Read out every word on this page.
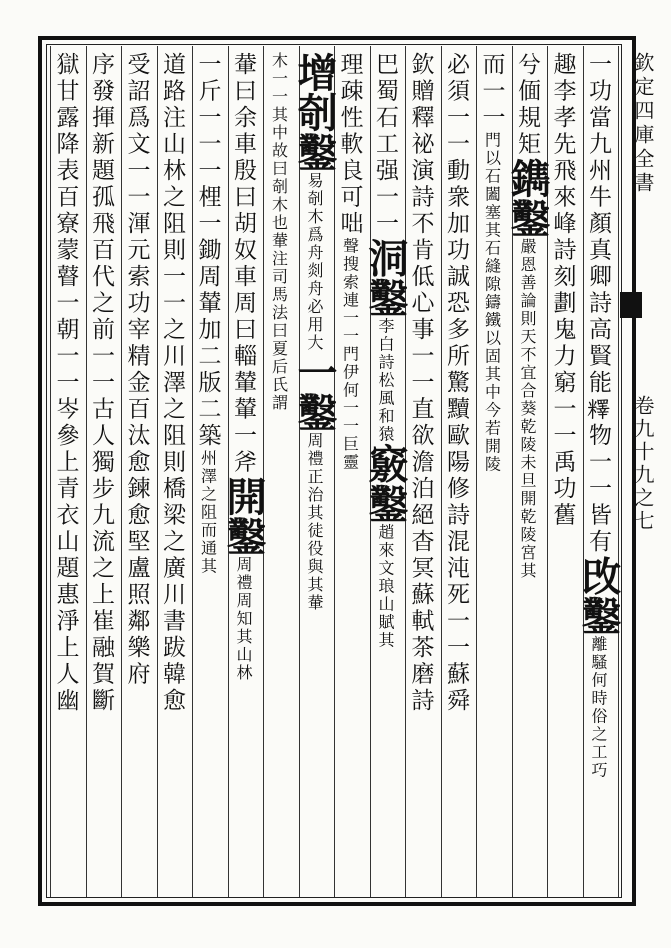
欽定四庫全書
卷九十九之七
一功當九州牛顏真卿詩高賢能𥼶物一一皆有攺鑿離騷何時俗之工巧
趣李孝先飛來峰詩刻劃鬼力窮一一禹功舊
兮偭規矩鐫鑿嚴恩善論則天不宜合葵乾陵未旦開乾陵宮其
而一一門以石闔塞其石縫隙鑄鐵以固其中今若開陵
必須一一動衆加功誠恐多所驚黷歐陽修詩混沌死一一蘇舜
欽贈釋祕演詩不肯低心事一一直欲澹泊絕杳冥蘇軾茶磨詩
巴蜀石工强一一洞鑿李白詩松風和猿竅鑿趙來文琅山賦其
理疎性軟良可咄聲搜索連一一門伊何一一巨靈
增剞鑿易剞木爲舟剡舟必用大一鑿周禮正治其徒役與其輂
木一一其中故曰剞木也輂注司馬法曰夏后氏謂
輂曰余車殷曰胡奴車周曰輜輦輦一斧開鑿周禮周知其山林
一斤一一一梩一鋤周輦加二版二築州澤之阻而通其
道路注山林之阻則一一之川澤之阻則橋梁之廣川書跋韓愈
受詔爲文一一渾元索功宰精金百汰愈鍊愈堅盧照鄰樂府
序發揮新題孤飛百代之前一一古人獨步九流之上崔融賀斷
獄甘露降表百寮蒙瞽一朝一一岑參上青衣山題惠淨上人幽
